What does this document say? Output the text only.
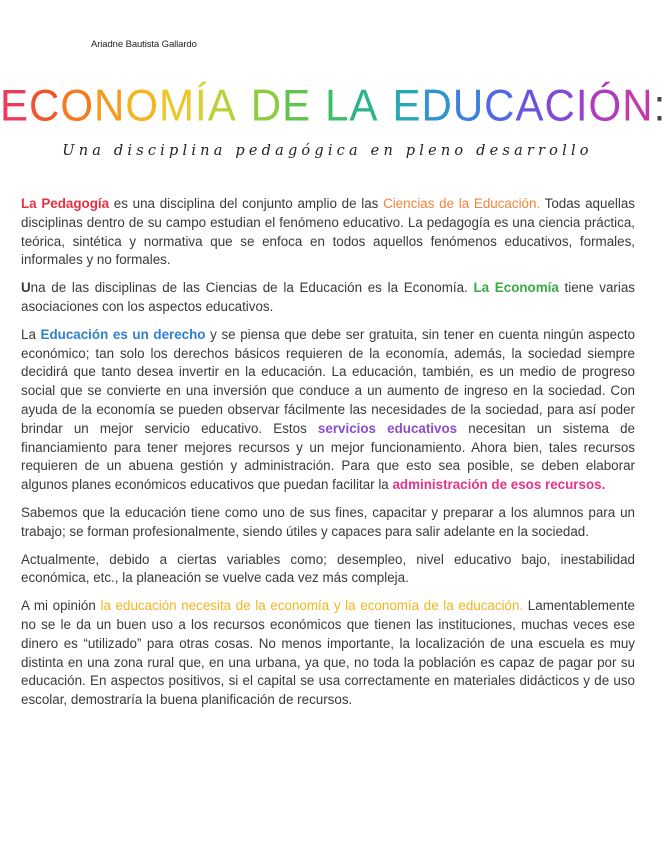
Ariadne Bautista Gallardo
ECONOMÍA DE LA EDUCACIÓN:
Una disciplina pedagógica en pleno desarrollo

La Pedagogía es una disciplina del conjunto amplio de las Ciencias de la Educación. Todas aquellas disciplinas dentro de su campo estudian el fenómeno educativo. La pedagogía es una ciencia práctica, teórica, sintética y normativa que se enfoca en todos aquellos fenómenos educativos, formales, informales y no formales.

Una de las disciplinas de las Ciencias de la Educación es la Economía. La Economía tiene varias asociaciones con los aspectos educativos.

La Educación es un derecho y se piensa que debe ser gratuita, sin tener en cuenta ningún aspecto económico; tan solo los derechos básicos requieren de la economía, además, la sociedad siempre decidirá que tanto desea invertir en la educación. La educación, también, es un medio de progreso social que se convierte en una inversión que conduce a un aumento de ingreso en la sociedad. Con ayuda de la economía se pueden observar fácilmente las necesidades de la sociedad, para así poder brindar un mejor servicio educativo. Estos servicios educativos necesitan un sistema de financiamiento para tener mejores recursos y un mejor funcionamiento. Ahora bien, tales recursos requieren de un abuena gestión y administración. Para que esto sea posible, se deben elaborar algunos planes económicos educativos que puedan facilitar la administración de esos recursos.

Sabemos que la educación tiene como uno de sus fines, capacitar y preparar a los alumnos para un trabajo; se forman profesionalmente, siendo útiles y capaces para salir adelante en la sociedad.

Actualmente, debido a ciertas variables como; desempleo, nivel educativo bajo, inestabilidad económica, etc., la planeación se vuelve cada vez más compleja.

A mi opinión la educación necesita de la economía y la economía de la educación. Lamentablemente no se le da un buen uso a los recursos económicos que tienen las instituciones, muchas veces ese dinero es “utilizado” para otras cosas. No menos importante, la localización de una escuela es muy distinta en una zona rural que, en una urbana, ya que, no toda la población es capaz de pagar por su educación. En aspectos positivos, si el capital se usa correctamente en materiales didácticos y de uso escolar, demostraría la buena planificación de recursos.
